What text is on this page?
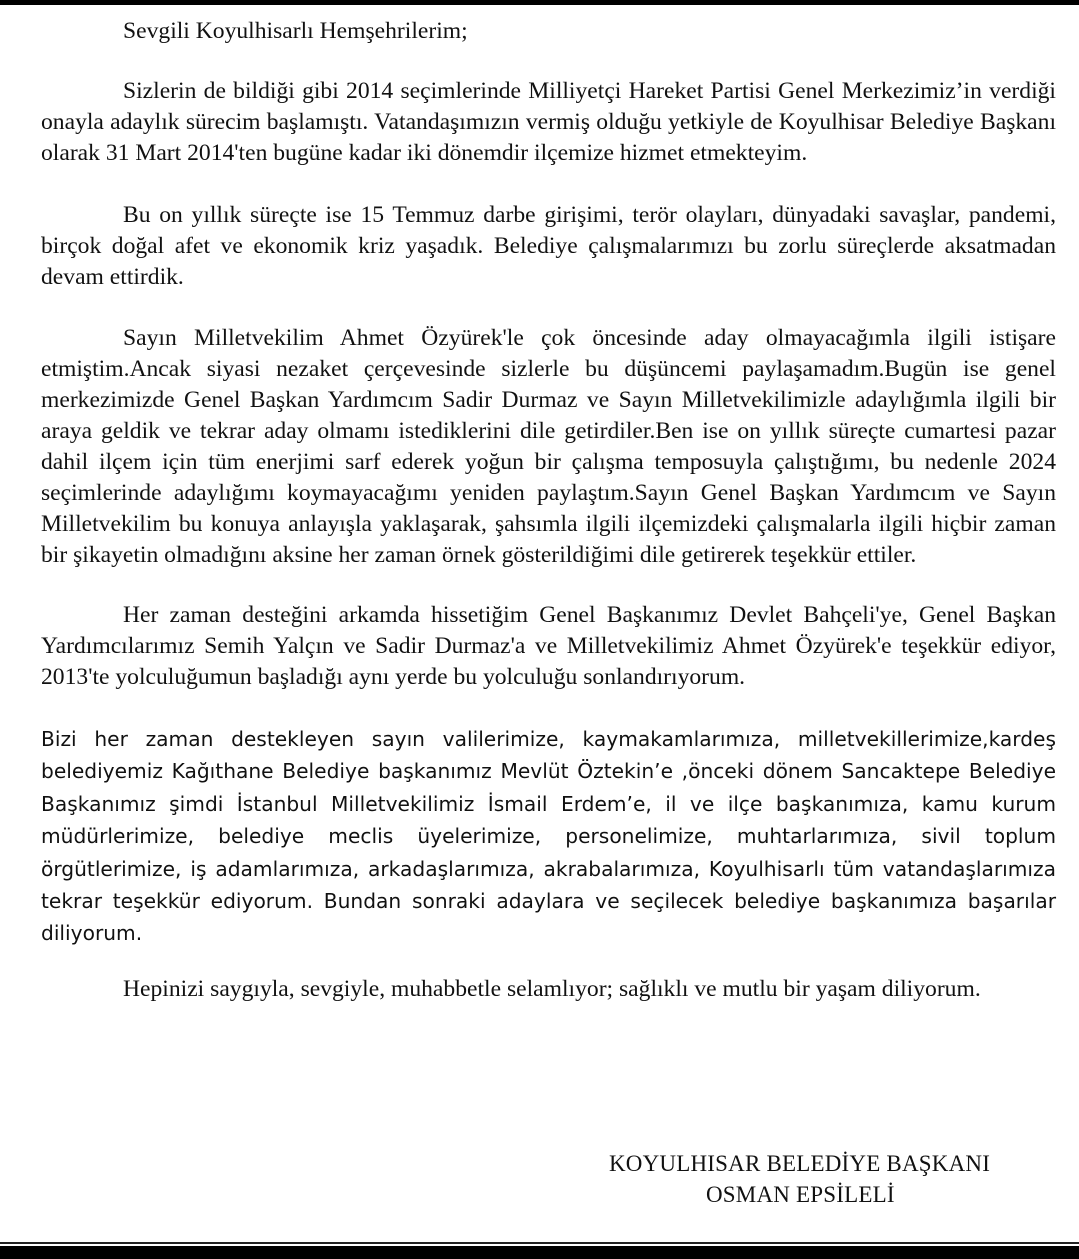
Sevgili Koyulhisarlı Hemşehrilerim;

Sizlerin de bildiği gibi 2014 seçimlerinde Milliyetçi Hareket Partisi Genel Merkezimiz’in verdiği onayla adaylık sürecim başlamıştı. Vatandaşımızın vermiş olduğu yetkiyle de Koyulhisar Belediye Başkanı olarak 31 Mart 2014'ten bugüne kadar iki dönemdir ilçemize hizmet etmekteyim.

Bu on yıllık süreçte ise 15 Temmuz darbe girişimi, terör olayları, dünyadaki savaşlar, pandemi, birçok doğal afet ve ekonomik kriz yaşadık. Belediye çalışmalarımızı bu zorlu süreçlerde aksatmadan devam ettirdik.

Sayın Milletvekilim Ahmet Özyürek'le çok öncesinde aday olmayacağımla ilgili istişare etmiştim.Ancak siyasi nezaket çerçevesinde sizlerle bu düşüncemi paylaşamadım.Bugün ise genel merkezimizde Genel Başkan Yardımcım Sadir Durmaz ve Sayın Milletvekilimizle adaylığımla ilgili bir araya geldik ve tekrar aday olmamı istediklerini dile getirdiler.Ben ise on yıllık süreçte cumartesi pazar dahil ilçem için tüm enerjimi sarf ederek yoğun bir çalışma temposuyla çalıştığımı, bu nedenle 2024 seçimlerinde adaylığımı koymayacağımı yeniden paylaştım.Sayın Genel Başkan Yardımcım ve Sayın Milletvekilim bu konuya anlayışla yaklaşarak, şahsımla ilgili ilçemizdeki çalışmalarla ilgili hiçbir zaman bir şikayetin olmadığını aksine her zaman örnek gösterildiğimi dile getirerek teşekkür ettiler.

Her zaman desteğini arkamda hissetiğim Genel Başkanımız Devlet Bahçeli'ye, Genel Başkan Yardımcılarımız Semih Yalçın ve Sadir Durmaz'a ve Milletvekilimiz Ahmet Özyürek'e teşekkür ediyor, 2013'te yolculuğumun başladığı aynı yerde bu yolculuğu sonlandırıyorum.

Bizi her zaman destekleyen sayın valilerimize, kaymakamlarımıza, milletvekillerimize,kardeş belediyemiz Kağıthane Belediye başkanımız Mevlüt Öztekin’e ,önceki dönem Sancaktepe Belediye Başkanımız şimdi İstanbul Milletvekilimiz İsmail Erdem’e, il ve ilçe başkanımıza, kamu kurum müdürlerimize, belediye meclis üyelerimize, personelimize, muhtarlarımıza, sivil toplum örgütlerimize, iş adamlarımıza, arkadaşlarımıza, akrabalarımıza, Koyulhisarlı tüm vatandaşlarımıza tekrar teşekkür ediyorum. Bundan sonraki adaylara ve seçilecek belediye başkanımıza başarılar diliyorum.

Hepinizi saygıyla, sevgiyle, muhabbetle selamlıyor; sağlıklı ve mutlu bir yaşam diliyorum.

KOYULHISAR BELEDİYE BAŞKANI
OSMAN EPSİLELİ
